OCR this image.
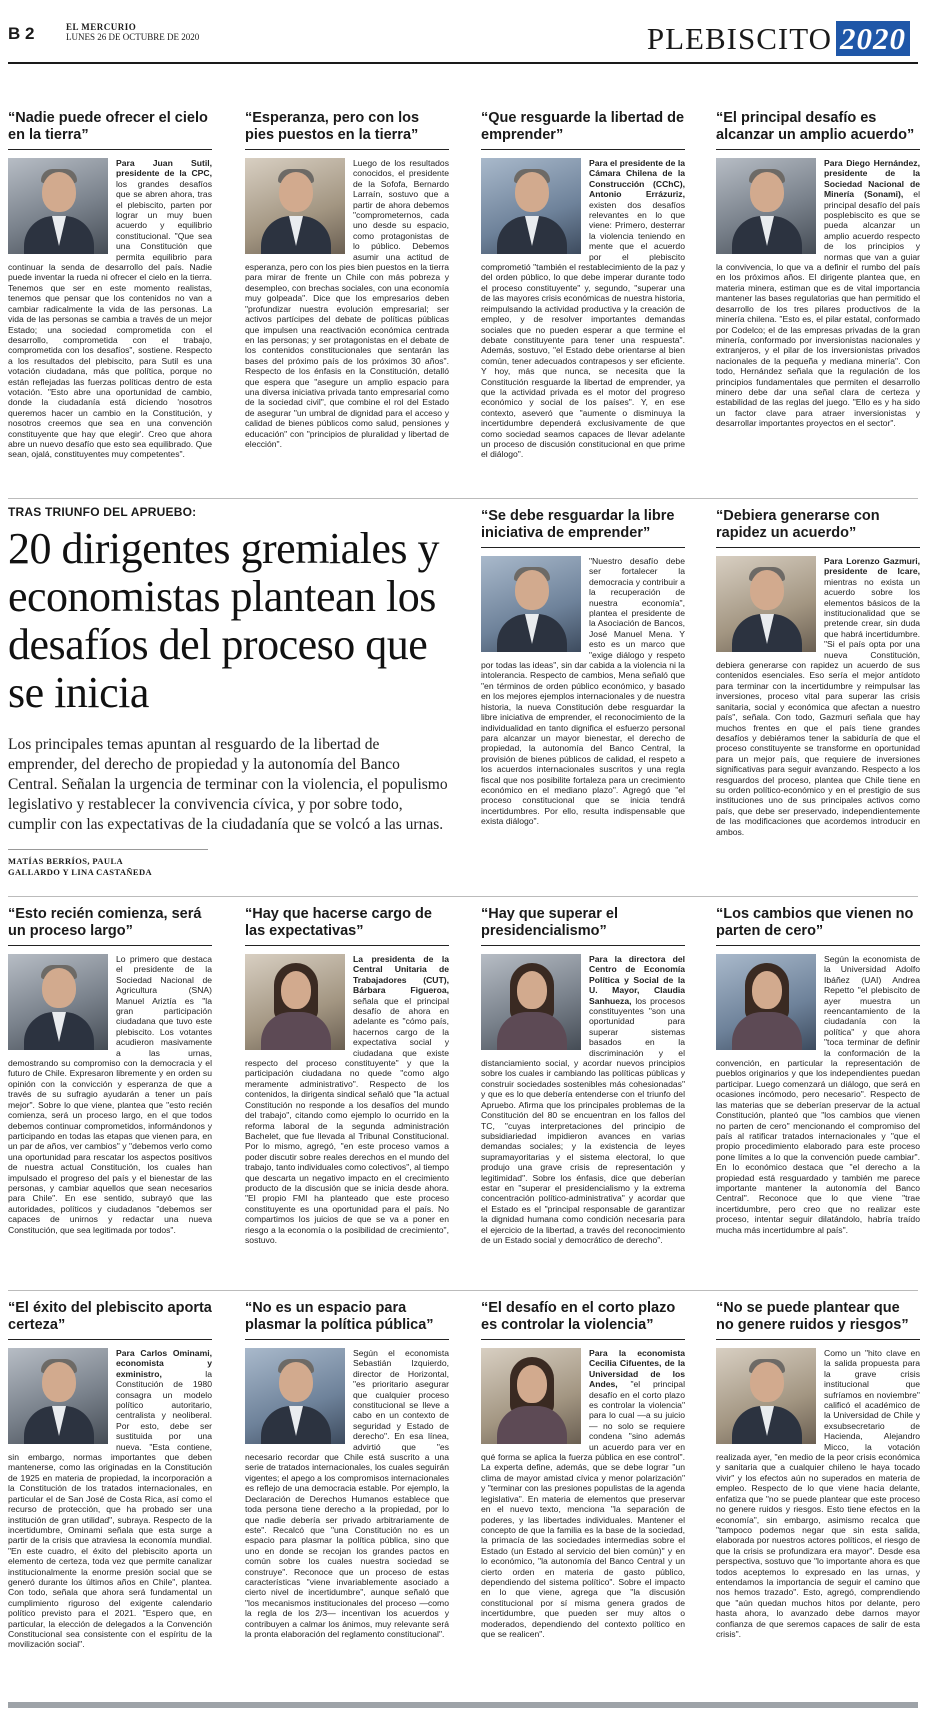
B 2	EL MERCURIO
LUNES 26 DE OCTUBRE DE 2020	PLEBISCITO 2020
“Nadie puede ofrecer el cielo en la tierra”

Para Juan Sutil, presidente de la CPC, los grandes desafíos que se abren ahora, tras el plebiscito, parten por lograr un muy buen acuerdo y equilibrio constitucional. "Que sea una Constitución que permita equilibrio para continuar la senda de desarrollo del país. Nadie puede inventar la rueda ni ofrecer el cielo en la tierra. Tenemos que ser en este momento realistas, tenemos que pensar que los contenidos no van a cambiar radicalmente la vida de las personas. La vida de las personas se cambia a través de un mejor Estado; una sociedad comprometida con el desarrollo, comprometida con el trabajo, comprometida con los desafíos", sostiene. Respecto a los resultados del plebiscito, para Sutil es una votación ciudadana, más que política, porque no están reflejadas las fuerzas políticas dentro de esta votación. "Esto abre una oportunidad de cambio, donde la ciudadanía está diciendo 'nosotros queremos hacer un cambio en la Constitución, y nosotros creemos que sea en una convención constituyente que hay que elegir'. Creo que ahora abre un nuevo desafío que esto sea equilibrado. Que sean, ojalá, constituyentes muy competentes".

“Esperanza, pero con los pies puestos en la tierra”

Luego de los resultados conocidos, el presidente de la Sofofa, Bernardo Larraín, sostuvo que a partir de ahora debemos "comprometernos, cada uno desde su espacio, como protagonistas de lo público. Debemos asumir una actitud de esperanza, pero con los pies bien puestos en la tierra para mirar de frente un Chile con más pobreza y desempleo, con brechas sociales, con una economía muy golpeada". Dice que los empresarios deben "profundizar nuestra evolución empresarial; ser activos partícipes del debate de políticas públicas que impulsen una reactivación económica centrada en las personas; y ser protagonistas en el debate de los contenidos constitucionales que sentarán las bases del próximo país de los próximos 30 años". Respecto de los énfasis en la Constitución, detalló que espera que "asegure un amplio espacio para una diversa iniciativa privada tanto empresarial como de la sociedad civil", que combine el rol del Estado de asegurar "un umbral de dignidad para el acceso y calidad de bienes públicos como salud, pensiones y educación" con "principios de pluralidad y libertad de elección".

“Que resguarde la libertad de emprender”

Para el presidente de la Cámara Chilena de la Construcción (CChC), Antonio Errázuriz, existen dos desafíos relevantes en lo que viene: Primero, desterrar la violencia teniendo en mente que el acuerdo por el plebiscito comprometió "también el restablecimiento de la paz y del orden público, lo que debe imperar durante todo el proceso constituyente" y, segundo, "superar una de las mayores crisis económicas de nuestra historia, reimpulsando la actividad productiva y la creación de empleo, y de resolver importantes demandas sociales que no pueden esperar a que termine el debate constituyente para tener una respuesta". Además, sostuvo, "el Estado debe orientarse al bien común, tener adecuados contrapesos y ser eficiente. Y hoy, más que nunca, se necesita que la Constitución resguarde la libertad de emprender, ya que la actividad privada es el motor del progreso económico y social de los países". Y, en ese contexto, aseveró que "aumente o disminuya la incertidumbre dependerá exclusivamente de que como sociedad seamos capaces de llevar adelante un proceso de discusión constitucional en que prime el diálogo".

“El principal desafío es alcanzar un amplio acuerdo”

Para Diego Hernández, presidente de la Sociedad Nacional de Minería (Sonami), el principal desafío del país posplebiscito es que se pueda alcanzar un amplio acuerdo respecto de los principios y normas que van a guiar la convivencia, lo que va a definir el rumbo del país en los próximos años. El dirigente plantea que, en materia minera, estiman que es de vital importancia mantener las bases regulatorias que han permitido el desarrollo de los tres pilares productivos de la minería chilena. "Esto es, el pilar estatal, conformado por Codelco; el de las empresas privadas de la gran minería, conformado por inversionistas nacionales y extranjeros, y el pilar de los inversionistas privados nacionales de la pequeña y mediana minería". Con todo, Hernández señala que la regulación de los principios fundamentales que permiten el desarrollo minero debe dar una señal clara de certeza y estabilidad de las reglas del juego. "Ello es y ha sido un factor clave para atraer inversionistas y desarrollar importantes proyectos en el sector".

TRAS TRIUNFO DEL APRUEBO:
20 dirigentes gremiales y economistas plantean los desafíos del proceso que se inicia

Los principales temas apuntan al resguardo de la libertad de emprender, del derecho de propiedad y la autonomía del Banco Central. Señalan la urgencia de terminar con la violencia, el populismo legislativo y restablecer la convivencia cívica, y por sobre todo, cumplir con las expectativas de la ciudadanía que se volcó a las urnas.

MATÍAS BERRÍOS, PAULA
GALLARDO Y LINA CASTAÑEDA
“Se debe resguardar la libre iniciativa de emprender”

"Nuestro desafío debe ser fortalecer la democracia y contribuir a la recuperación de nuestra economía", plantea el presidente de la Asociación de Bancos, José Manuel Mena. Y esto es un marco que "exige diálogo y respeto por todas las ideas", sin dar cabida a la violencia ni la intolerancia. Respecto de cambios, Mena señaló que "en términos de orden público económico, y basado en los mejores ejemplos internacionales y de nuestra historia, la nueva Constitución debe resguardar la libre iniciativa de emprender, el reconocimiento de la individualidad en tanto dignifica el esfuerzo personal para alcanzar un mayor bienestar, el derecho de propiedad, la autonomía del Banco Central, la provisión de bienes públicos de calidad, el respeto a los acuerdos internacionales suscritos y una regla fiscal que nos posibilite fortaleza para un crecimiento económico en el mediano plazo". Agregó que "el proceso constitucional que se inicia tendrá incertidumbres. Por ello, resulta indispensable que exista diálogo".

“Debiera generarse con rapidez un acuerdo”

Para Lorenzo Gazmuri, presidente de Icare, mientras no exista un acuerdo sobre los elementos básicos de la institucionalidad que se pretende crear, sin duda que habrá incertidumbre. "Si el país opta por una nueva Constitución, debiera generarse con rapidez un acuerdo de sus contenidos esenciales. Eso sería el mejor antídoto para terminar con la incertidumbre y reimpulsar las inversiones, proceso vital para superar las crisis sanitaria, social y económica que afectan a nuestro país", señala. Con todo, Gazmuri señala que hay muchos frentes en que el país tiene grandes desafíos y debiéramos tener la sabiduría de que el proceso constituyente se transforme en oportunidad para un mejor país, que requiere de inversiones significativas para seguir avanzando. Respecto a los resguardos del proceso, plantea que Chile tiene en su orden político-económico y en el prestigio de sus instituciones uno de sus principales activos como país, que debe ser preservado, independientemente de las modificaciones que acordemos introducir en ambos.

“Esto recién comienza, será un proceso largo”

Lo primero que destaca el presidente de la Sociedad Nacional de Agricultura (SNA) Manuel Ariztía es "la gran participación ciudadana que tuvo este plebiscito. Los votantes acudieron masivamente a las urnas, demostrando su compromiso con la democracia y el futuro de Chile. Expresaron libremente y en orden su opinión con la convicción y esperanza de que a través de su sufragio ayudarán a tener un país mejor". Sobre lo que viene, plantea que "esto recién comienza, será un proceso largo, en el que todos debemos continuar comprometidos, informándonos y participando en todas las etapas que vienen para, en un par de años, ver cambios" y "debemos verlo como una oportunidad para rescatar los aspectos positivos de nuestra actual Constitución, los cuales han impulsado el progreso del país y el bienestar de las personas, y cambiar aquellos que sean necesarios para Chile". En ese sentido, subrayó que las autoridades, políticos y ciudadanos "debemos ser capaces de unirnos y redactar una nueva Constitución, que sea legitimada por todos".

“Hay que hacerse cargo de las expectativas”

La presidenta de la Central Unitaria de Trabajadores (CUT), Bárbara Figueroa, señala que el principal desafío de ahora en adelante es "cómo país, hacernos cargo de la expectativa social y ciudadana que existe respecto del proceso constituyente" y que la participación ciudadana no quede "como algo meramente administrativo". Respecto de los contenidos, la dirigenta sindical señaló que "la actual Constitución no responde a los desafíos del mundo del trabajo", citando como ejemplo lo ocurrido en la reforma laboral de la segunda administración Bachelet, que fue llevada al Tribunal Constitucional. Por lo mismo, agregó, "en este proceso vamos a poder discutir sobre reales derechos en el mundo del trabajo, tanto individuales como colectivos", al tiempo que descarta un negativo impacto en el crecimiento producto de la discusión que se inicia desde ahora. "El propio FMI ha planteado que este proceso constituyente es una oportunidad para el país. No compartimos los juicios de que se va a poner en riesgo a la economía o la posibilidad de crecimiento", sostuvo.

“Hay que superar el presidencialismo”

Para la directora del Centro de Economía Política y Social de la U. Mayor, Claudia Sanhueza, los procesos constituyentes "son una oportunidad para superar sistemas basados en la discriminación y el distanciamiento social, y acordar nuevos principios sobre los cuales ir cambiando las políticas públicas y construir sociedades sostenibles más cohesionadas" y que es lo que debería entenderse con el triunfo del Apruebo. Afirma que los principales problemas de la Constitución del 80 se encuentran en los fallos del TC, "cuyas interpretaciones del principio de subsidiariedad impidieron avances en varias demandas sociales; y la existencia de leyes supramayoritarias y el sistema electoral, lo que produjo una grave crisis de representación y legitimidad". Sobre los énfasis, dice que deberían estar en "superar el presidencialismo y la extrema concentración político-administrativa" y acordar que el Estado es el "principal responsable de garantizar la dignidad humana como condición necesaria para el ejercicio de la libertad, a través del reconocimiento de un Estado social y democrático de derecho".

“Los cambios que vienen no parten de cero”

Según la economista de la Universidad Adolfo Ibáñez (UAI) Andrea Repetto "el plebiscito de ayer muestra un reencantamiento de la ciudadanía con la política" y que ahora "toca terminar de definir la conformación de la convención, en particular la representación de pueblos originarios y que los independientes puedan participar. Luego comenzará un diálogo, que será en ocasiones incómodo, pero necesario". Respecto de las materias que se deberían preservar de la actual Constitución, planteó que "los cambios que vienen no parten de cero" mencionando el compromiso del país al ratificar tratados internacionales y "que el propio procedimiento elaborado para este proceso pone límites a lo que la convención puede cambiar". En lo económico destaca que "el derecho a la propiedad está resguardado y también me parece importante mantener la autonomía del Banco Central". Reconoce que lo que viene "trae incertidumbre, pero creo que no realizar este proceso, intentar seguir dilatándolo, habría traído mucha más incertidumbre al país".

“El éxito del plebiscito aporta certeza”

Para Carlos Ominami, economista y exministro,	la Constitución de 1980 consagra un modelo político autoritario, centralista y neoliberal. Por esto, debe ser sustituida por una nueva. "Esta contiene, sin embargo, normas importantes que deben mantenerse, como las originadas en la Constitución de 1925 en materia de propiedad, la incorporación a la Constitución de los tratados internacionales, en particular el de San José de Costa Rica, así como el recurso de protección, que ha probado ser una institución de gran utilidad", subraya. Respecto de la incertidumbre, Ominami señala que esta surge a partir de la crisis que atraviesa la economía mundial. "En este cuadro, el éxito del plebiscito aporta un elemento de certeza, toda vez que permite canalizar institucionalmente la enorme presión social que se generó durante los últimos años en Chile", plantea. Con todo, señala que ahora será fundamental un cumplimiento riguroso del exigente calendario político previsto para el 2021. "Espero que, en particular, la elección de delegados a la Convención Constitucional sea consistente con el espíritu de la movilización social".

“No es un espacio para plasmar la política pública”

Según el economista Sebastián Izquierdo, director de Horizontal, "es prioritario asegurar que cualquier proceso constitucional se lleve a cabo en un contexto de seguridad y Estado de derecho". En esa línea, advirtió que "es necesario recordar que Chile está suscrito a una serie de tratados internacionales, los cuales seguirán vigentes; el apego a los compromisos internacionales es reflejo de una democracia estable. Por ejemplo, la Declaración de Derechos Humanos establece que toda persona tiene derecho a la propiedad, por lo que nadie debería ser privado arbitrariamente de este". Recalcó que "una Constitución no es un espacio para plasmar la política pública, sino que uno en donde se recojan los grandes pactos en común sobre los cuales nuestra sociedad se construye". Reconoce que un proceso de estas características "viene invariablemente asociado a cierto nivel de incertidumbre", aunque señaló que "los mecanismos institucionales del proceso —como la regla de los 2/3— incentivan los acuerdos y contribuyen a calmar los ánimos, muy relevante será la pronta elaboración del reglamento constitucional".

“El desafío en el corto plazo es controlar la violencia”

Para la economista Cecilia Cifuentes, de la Universidad de los Andes, "el principal desafío en el corto plazo es controlar la violencia" para lo cual —a su juicio— no solo se requiere condena "sino además un acuerdo para ver en qué forma se aplica la fuerza pública en ese control". La experta define, además, que se debe lograr "un clima de mayor amistad cívica y menor polarización" y "terminar con las presiones populistas de la agenda legislativa". En materia de elementos que preservar en el nuevo texto, menciona "la separación de poderes, y las libertades individuales. Mantener el concepto de que la familia es la base de la sociedad, la primacía de las sociedades intermedias sobre el Estado (un Estado al servicio del bien común)" y en lo económico, "la autonomía del Banco Central y un cierto orden en materia de gasto público, dependiendo del sistema político". Sobre el impacto en lo que viene, agrega que "la discusión constitucional por sí misma genera grados de incertidumbre, que pueden ser muy altos o moderados, dependiendo del contexto político en que se realicen".

“No se puede plantear que no genere ruidos y riesgos”

Como un "hito clave en la salida propuesta para la grave crisis institucional que sufríamos en noviembre" calificó el académico de la Universidad de Chile y exsubsecretario de Hacienda, Alejandro Micco, la votación realizada ayer, "en medio de la peor crisis económica y sanitaria que a cualquier chileno le haya tocado vivir" y los efectos aún no superados en materia de empleo. Respecto de lo que viene hacia delante, enfatiza que "no se puede plantear que este proceso no genere ruidos y riesgos. Esto tiene efectos en la economía", sin embargo, asimismo recalca que "tampoco podemos negar que sin esta salida, elaborada por nuestros actores políticos, el riesgo de que la crisis se profundizara era mayor". Desde esa perspectiva, sostuvo que "lo importante ahora es que todos aceptemos lo expresado en las urnas, y entendamos la importancia de seguir el camino que nos hemos trazado". Esto, agregó, comprendiendo que "aún quedan muchos hitos por delante, pero hasta ahora, lo avanzado debe darnos mayor confianza de que seremos capaces de salir de esta crisis".
